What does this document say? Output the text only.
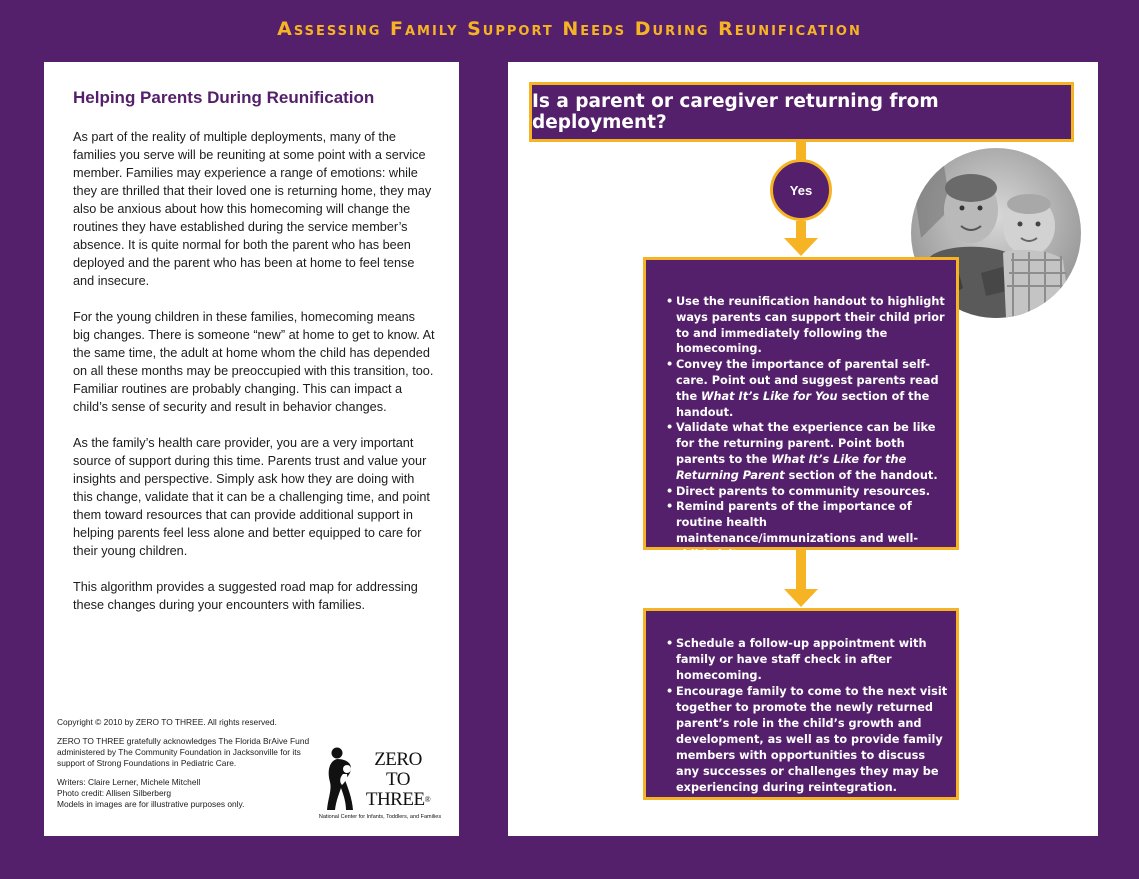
Assessing Family Support Needs During Reunification
Helping Parents During Reunification

As part of the reality of multiple deployments, many of the families you serve will be reuniting at some point with a service member. Families may experience a range of emotions: while they are thrilled that their loved one is returning home, they may also be anxious about how this homecoming will change the routines they have established during the service member’s absence. It is quite normal for both the parent who has been deployed and the parent who has been at home to feel tense and insecure.

For the young children in these families, homecoming means big changes. There is someone “new” at home to get to know. At the same time, the adult at home whom the child has depended on all these months may be preoccupied with this transition, too. Familiar routines are probably changing. This can impact a child’s sense of security and result in behavior changes.

As the family’s health care provider, you are a very important source of support during this time. Parents trust and value your insights and perspective. Simply ask how they are doing with this change, validate that it can be a challenging time, and point them toward resources that can provide additional support in helping parents feel less alone and better equipped to care for their young children.

This algorithm provides a suggested road map for addressing these changes during your encounters with families.

Copyright © 2010 by ZERO TO THREE. All rights reserved.

ZERO TO THREE gratefully acknowledges The Florida BrAive Fund administered by The Community Foundation in Jacksonville for its support of Strong Foundations in Pediatric Care.

Writers: Claire Lerner, Michele Mitchell
Photo credit: Allisen Silberberg
Models in images are for illustrative purposes only.
ZERO
TO
THREE®
National Center for Infants, Toddlers, and Families
Is a parent or caregiver returning from deployment?
Yes
• Use the reunification handout to highlight ways parents can support their child prior to and immediately following the homecoming.
• Convey the importance of parental self-care. Point out and suggest parents read the What It’s Like for You section of the handout.
• Validate what the experience can be like for the returning parent. Point both parents to the What It’s Like for the Returning Parent section of the handout.
• Direct parents to community resources.
• Remind parents of the importance of routine health maintenance/immunizations and well-child visits.
• Schedule a follow-up appointment with family or have staff check in after homecoming.
• Encourage family to come to the next visit together to promote the newly returned parent’s role in the child’s growth and development, as well as to provide family members with opportunities to discuss any successes or challenges they may be experiencing during reintegration.
